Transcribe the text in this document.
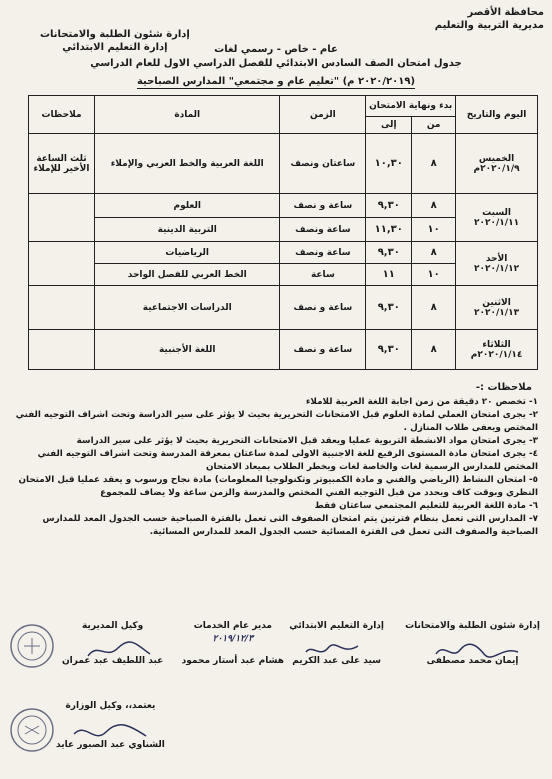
محافظة الأقصر
مديرية التربية والتعليم
إدارة شئون الطلبة والامتحانات
إدارة التعليم الابتدائي	عام - خاص - رسمي لغات
جدول امتحان الصف السادس الابتدائي للفصل الدراسي الاول للعام الدراسي
(٢٠٢٠/٢٠١٩ م) "تعليم عام و مجتمعي" المدارس الصباحية
اليوم والتاريخ	بدء ونهاية الامتحان		الزمن	المادة	ملاحظات
	من	إلى			

الخميس
٢٠٢٠/١/٩م	٨	١٠,٣٠	ساعتان ونصف	اللغة العربية والخط العربي والإملاء	ثلث الساعة الأخير للإملاء

السبت
٢٠٢٠/١/١١	٨	٩,٣٠	ساعة و نصف	العلوم	
	١٠	١١,٣٠	ساعة ونصف	التربية الدينية	

الأحد
٢٠٢٠/١/١٢	٨	٩,٣٠	ساعة ونصف	الرياضيات	
	١٠	١١	ساعة	الخط العربي للفصل الواحد	

الاثنين
٢٠٢٠/١/١٣	٨	٩,٣٠	ساعة و نصف	الدراسات الاجتماعية	

الثلاثاء
٢٠٢٠/١/١٤م	٨	٩,٣٠	ساعة و نصف	اللغة الأجنبية	
ملاحظات :-

١- تخصص ٢٠ دقيقة من زمن اجابة اللغة العربية للاملاء

٢- يجرى امتحان العملي لمادة العلوم قبل الامتحانات التحريرية بحيث لا يؤثر على سير الدراسة وتحت اشراف التوجيه الفني المختص ويعفى طلاب المنازل .

٣- يجرى امتحان مواد الانشطة التربوية عمليا ويعقد قبل الامتحانات التحريرية بحيث لا يؤثر على سير الدراسة

٤- يجرى امتحان مادة المستوى الرفيع للغة الاجنبية الاولى لمدة ساعتان بمعرفة المدرسة وتحت اشراف التوجيه الفني المختص للمدارس الرسمية لغات والخاصة لغات ويخطر الطلاب بميعاد الامتحان

٥- امتحان النشاط (الرياضي والفني و مادة الكمبيوتر وتكنولوجيا المعلومات) مادة نجاح ورسوب و يعقد عمليا قبل الامتحان النظري وبوقت كاف ويحدد من قبل التوجيه الفني المختص والمدرسة والزمن ساعة ولا يضاف للمجموع

٦- مادة اللغة العربية للتعليم المجتمعي ساعتان فقط

٧- المدارس التى تعمل بنظام فترتين يتم امتحان الصفوف التى تعمل بالفترة الصباحية حسب الجدول المعد للمدارس الصباحية والصفوف التى تعمل فى الفترة المسائية حسب الجدول المعد للمدارس المسائية.

إدارة شئون الطلبة والامتحانات
إيمان محمد مصطفى
إدارة التعليم الابتدائي
سيد على عبد الكريم
مدير عام الخدمات
٢٠١٩/١٢/٣
هشام عبد أستار محمود
وكيل المديرية
عبد اللطيف عبد عمران
يعتمد،، وكيل الوزارة
الشناوي عبد الصبور عايد
